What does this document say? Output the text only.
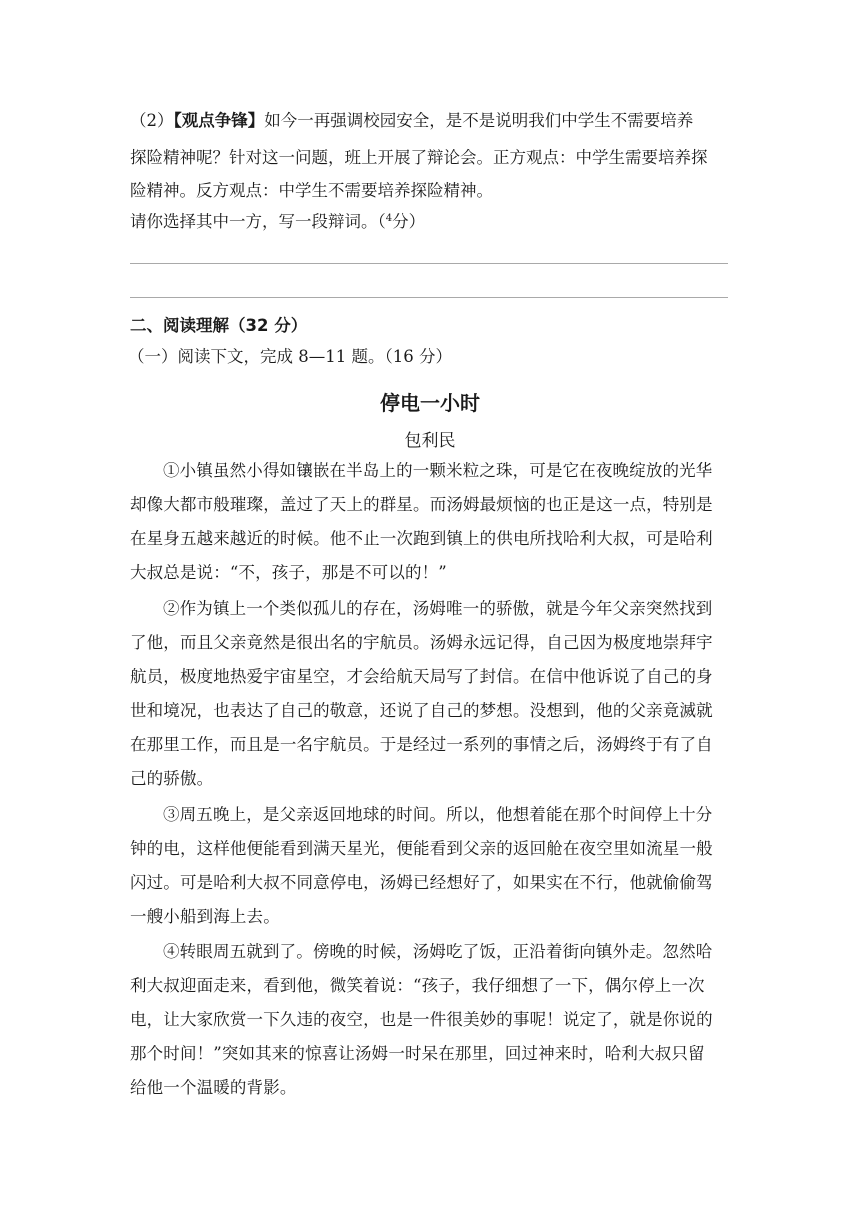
（2）【观点争锋】如今一再强调校园安全，是不是说明我们中学生不需要培养
探险精神呢？针对这一问题，班上开展了辩论会。正方观点：中学生需要培养探
险精神。反方观点：中学生不需要培养探险精神。
请你选择其中一方，写一段辩词。（$^4$分）
二、阅读理解（32 分）
（一）阅读下文，完成 8—11 题。（16 分）
停电一小时
包利民
①小镇虽然小得如镶嵌在半岛上的一颗米粒之珠，可是它在夜晚绽放的光华
却像大都市般璀璨，盖过了天上的群星。而汤姆最烦恼的也正是这一点，特别是
在星身五越来越近的时候。他不止一次跑到镇上的供电所找哈利大叔，可是哈利
大叔总是说：“不，孩子，那是不可以的！”
②作为镇上一个类似孤儿的存在，汤姆唯一的骄傲，就是今年父亲突然找到
了他，而且父亲竟然是很出名的宇航员。汤姆永远记得，自己因为极度地崇拜宇
航员，极度地热爱宇宙星空，才会给航天局写了封信。在信中他诉说了自己的身
世和境况，也表达了自己的敬意，还说了自己的梦想。没想到，他的父亲竟滅就
在那里工作，而且是一名宇航员。于是经过一系列的事情之后，汤姆终于有了自
己的骄傲。
③周五晚上，是父亲返回地球的时间。所以，他想着能在那个时间停上十分
钟的电，这样他便能看到满天星光，便能看到父亲的返回舱在夜空里如流星一般
闪过。可是哈利大叔不同意停电，汤姆已经想好了，如果实在不行，他就偷偷驾
一艘小船到海上去。
④转眼周五就到了。傍晚的时候，汤姆吃了饭，正沿着街向镇外走。忽然哈
利大叔迎面走来，看到他，微笑着说：“孩子，我仔细想了一下，偶尔停上一次
电，让大家欣赏一下久违的夜空，也是一件很美妙的事呢！说定了，就是你说的
那个时间！”突如其来的惊喜让汤姆一时呆在那里，回过神来时，哈利大叔只留
给他一个温暖的背影。
